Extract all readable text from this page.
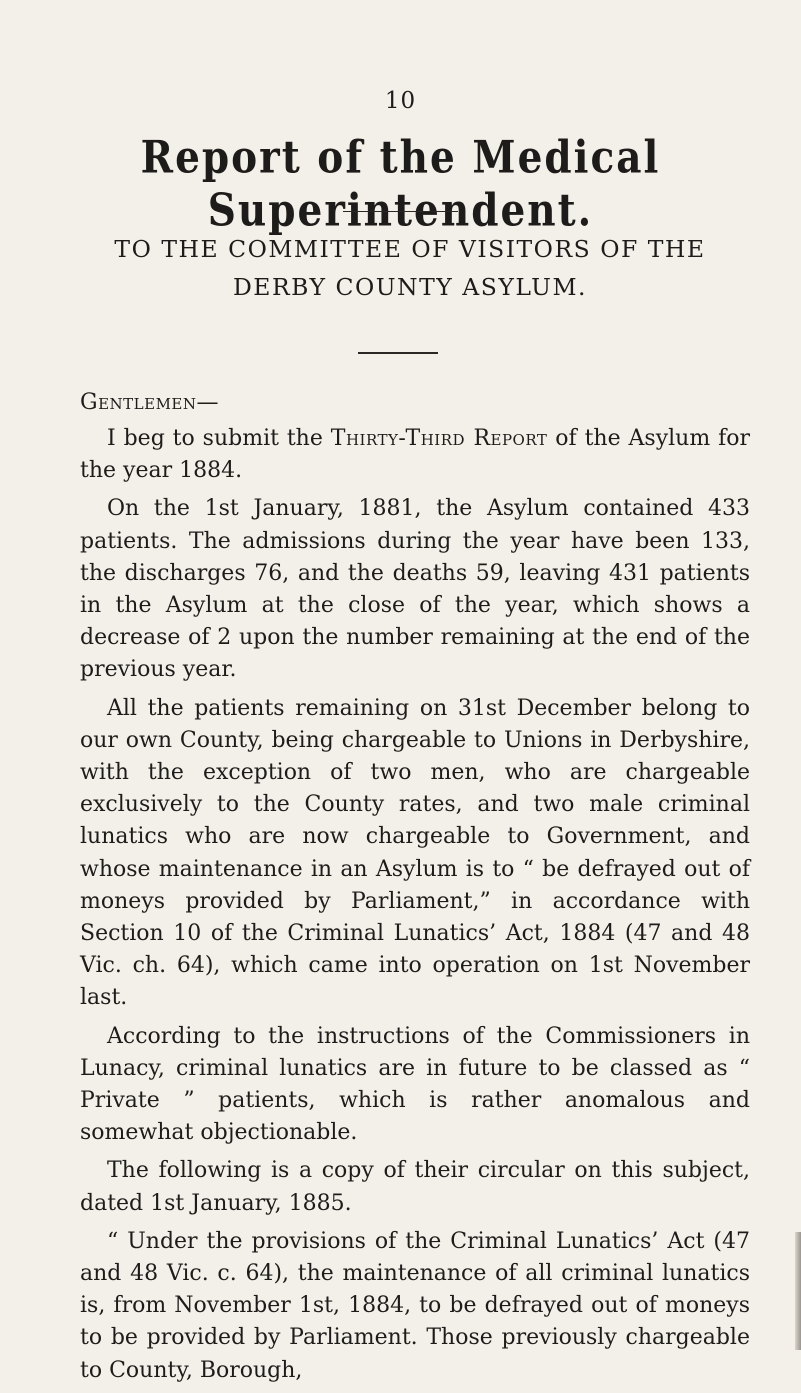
10
Report of the Medical Superintendent.
TO THE COMMITTEE OF VISITORS OF THE DERBY COUNTY ASYLUM.
Gentlemen—

I beg to submit the Thirty-Third Report of the Asylum for the year 1884.

On the 1st January, 1881, the Asylum contained 433 patients. The admissions during the year have been 133, the discharges 76, and the deaths 59, leaving 431 patients in the Asylum at the close of the year, which shows a decrease of 2 upon the number remaining at the end of the previous year.

All the patients remaining on 31st December belong to our own County, being chargeable to Unions in Derbyshire, with the exception of two men, who are chargeable exclusively to the County rates, and two male criminal lunatics who are now chargeable to Government, and whose maintenance in an Asylum is to “ be defrayed out of moneys provided by Parliament,” in accordance with Section 10 of the Criminal Lunatics’ Act, 1884 (47 and 48 Vic. ch. 64), which came into operation on 1st November last.

According to the instructions of the Commissioners in Lunacy, criminal lunatics are in future to be classed as “ Private ” patients, which is rather anomalous and somewhat objectionable.

The following is a copy of their circular on this subject, dated 1st January, 1885.

“ Under the provisions of the Criminal Lunatics’ Act (47 and 48 Vic. c. 64), the maintenance of all criminal lunatics is, from November 1st, 1884, to be defrayed out of moneys to be provided by Parliament. Those previously chargeable to County, Borough,
